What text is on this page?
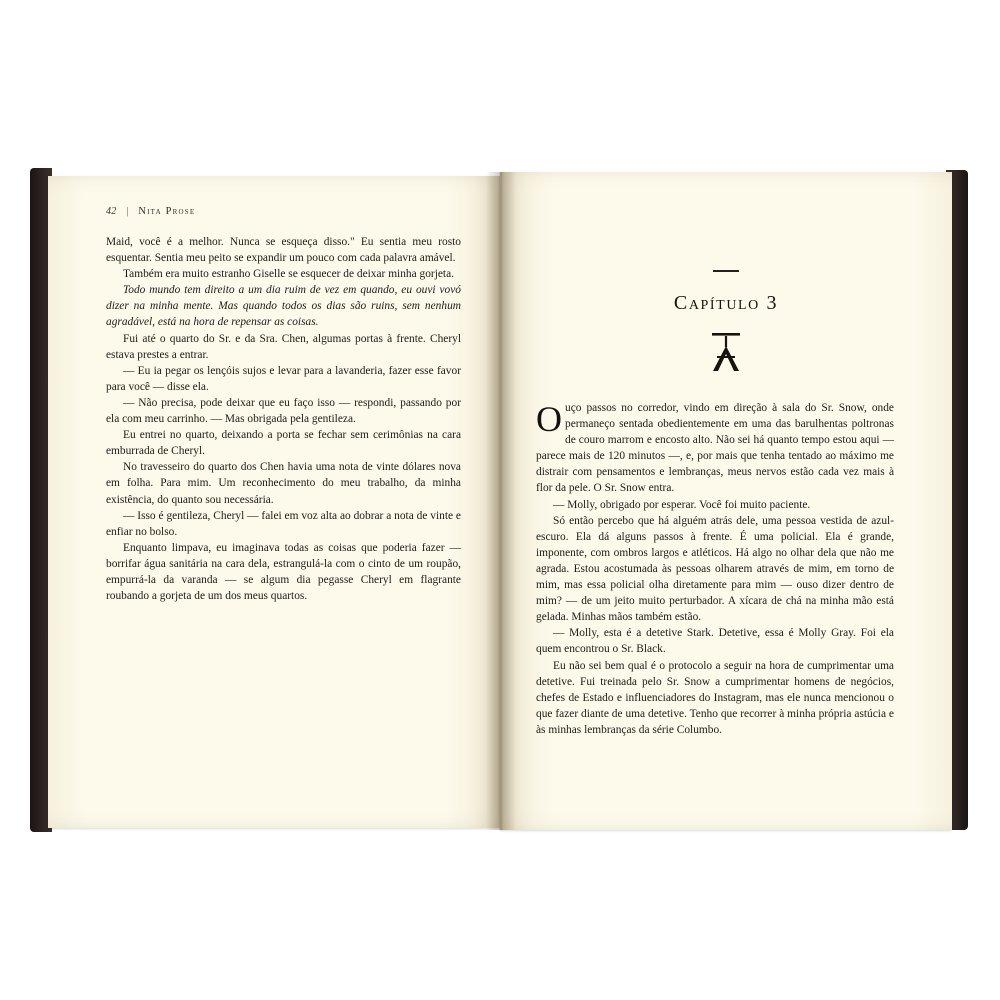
42 | Nita Prose

Maid, você é a melhor. Nunca se esqueça disso." Eu sentia meu rosto esquentar. Sentia meu peito se expandir um pouco com cada palavra amável.

Também era muito estranho Giselle se esquecer de deixar minha gorjeta.

Todo mundo tem direito a um dia ruim de vez em quando, eu ouvi vovó dizer na minha mente. Mas quando todos os dias são ruins, sem nenhum agradável, está na hora de repensar as coisas.

Fui até o quarto do Sr. e da Sra. Chen, algumas portas à frente. Cheryl estava prestes a entrar.

— Eu ia pegar os lençóis sujos e levar para a lavanderia, fazer esse favor para você — disse ela.

— Não precisa, pode deixar que eu faço isso — respondi, passando por ela com meu carrinho. — Mas obrigada pela gentileza.

Eu entrei no quarto, deixando a porta se fechar sem cerimônias na cara emburrada de Cheryl.

No travesseiro do quarto dos Chen havia uma nota de vinte dólares nova em folha. Para mim. Um reconhecimento do meu trabalho, da minha existência, do quanto sou necessária.

— Isso é gentileza, Cheryl — falei em voz alta ao dobrar a nota de vinte e enfiar no bolso.

Enquanto limpava, eu imaginava todas as coisas que poderia fazer — borrifar água sanitária na cara dela, estrangulá-la com o cinto de um roupão, empurrá-la da varanda — se algum dia pegasse Cheryl em flagrante roubando a gorjeta de um dos meus quartos.

Capítulo 3

Ouço passos no corredor, vindo em direção à sala do Sr. Snow, onde permaneço sentada obedientemente em uma das barulhentas poltronas de couro marrom e encosto alto. Não sei há quanto tempo estou aqui — parece mais de 120 minutos —, e, por mais que tenha tentado ao máximo me distrair com pensamentos e lembranças, meus nervos estão cada vez mais à flor da pele. O Sr. Snow entra.

— Molly, obrigado por esperar. Você foi muito paciente.

Só então percebo que há alguém atrás dele, uma pessoa vestida de azul-escuro. Ela dá alguns passos à frente. É uma policial. Ela é grande, imponente, com ombros largos e atléticos. Há algo no olhar dela que não me agrada. Estou acostumada às pessoas olharem através de mim, em torno de mim, mas essa policial olha diretamente para mim — ouso dizer dentro de mim? — de um jeito muito perturbador. A xícara de chá na minha mão está gelada. Minhas mãos também estão.

— Molly, esta é a detetive Stark. Detetive, essa é Molly Gray. Foi ela quem encontrou o Sr. Black.

Eu não sei bem qual é o protocolo a seguir na hora de cumprimentar uma detetive. Fui treinada pelo Sr. Snow a cumprimentar homens de negócios, chefes de Estado e influenciadores do Instagram, mas ele nunca mencionou o que fazer diante de uma detetive. Tenho que recorrer à minha própria astúcia e às minhas lembranças da série Columbo.
